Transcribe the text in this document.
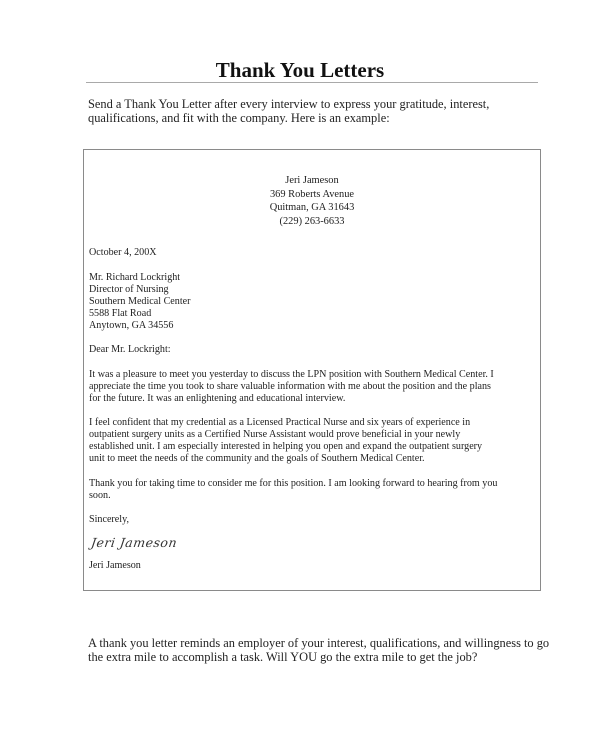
Thank You Letters
Send a Thank You Letter after every interview to express your gratitude, interest,
qualifications, and fit with the company. Here is an example:
Jeri Jameson
369 Roberts Avenue
Quitman, GA 31643
(229) 263-6633
October 4, 200X
Mr. Richard Lockright
Director of Nursing
Southern Medical Center
5588 Flat Road
Anytown, GA 34556
Dear Mr. Lockright:
It was a pleasure to meet you yesterday to discuss the LPN position with Southern Medical Center. I
appreciate the time you took to share valuable information with me about the position and the plans
for the future. It was an enlightening and educational interview.
I feel confident that my credential as a Licensed Practical Nurse and six years of experience in
outpatient surgery units as a Certified Nurse Assistant would prove beneficial in your newly
established unit. I am especially interested in helping you open and expand the outpatient surgery
unit to meet the needs of the community and the goals of Southern Medical Center.
Thank you for taking time to consider me for this position. I am looking forward to hearing from you
soon.
Sincerely,
Jeri Jameson
Jeri Jameson
A thank you letter reminds an employer of your interest, qualifications, and willingness to go
the extra mile to accomplish a task. Will YOU go the extra mile to get the job?
